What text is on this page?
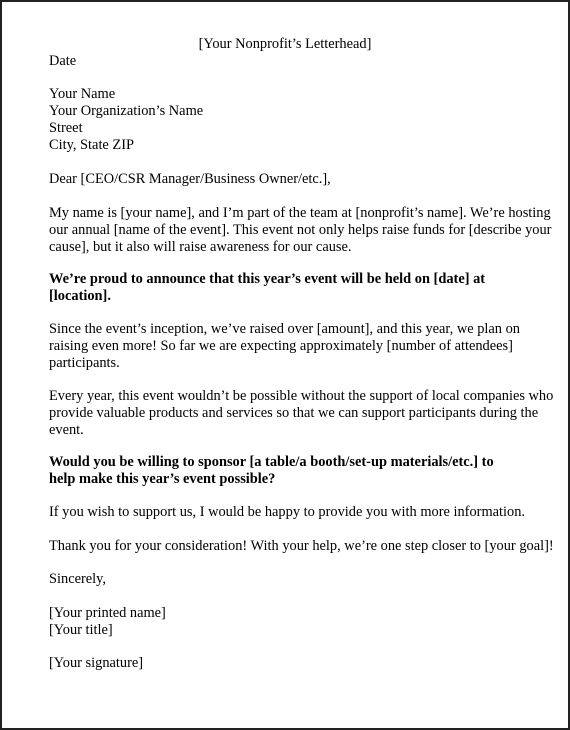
[Your Nonprofit’s Letterhead]
Date
Your Name
Your Organization’s Name
Street
City, State ZIP
Dear [CEO/CSR Manager/Business Owner/etc.],
My name is [your name], and I’m part of the team at [nonprofit’s name]. We’re hosting
our annual [name of the event]. This event not only helps raise funds for [describe your
cause], but it also will raise awareness for our cause.
We’re proud to announce that this year’s event will be held on [date] at
[location].
Since the event’s inception, we’ve raised over [amount], and this year, we plan on
raising even more! So far we are expecting approximately [number of attendees]
participants.
Every year, this event wouldn’t be possible without the support of local companies who
provide valuable products and services so that we can support participants during the
event.
Would you be willing to sponsor [a table/a booth/set-up materials/etc.] to
help make this year’s event possible?
If you wish to support us, I would be happy to provide you with more information.
Thank you for your consideration! With your help, we’re one step closer to [your goal]!
Sincerely,
[Your printed name]
[Your title]
[Your signature]
